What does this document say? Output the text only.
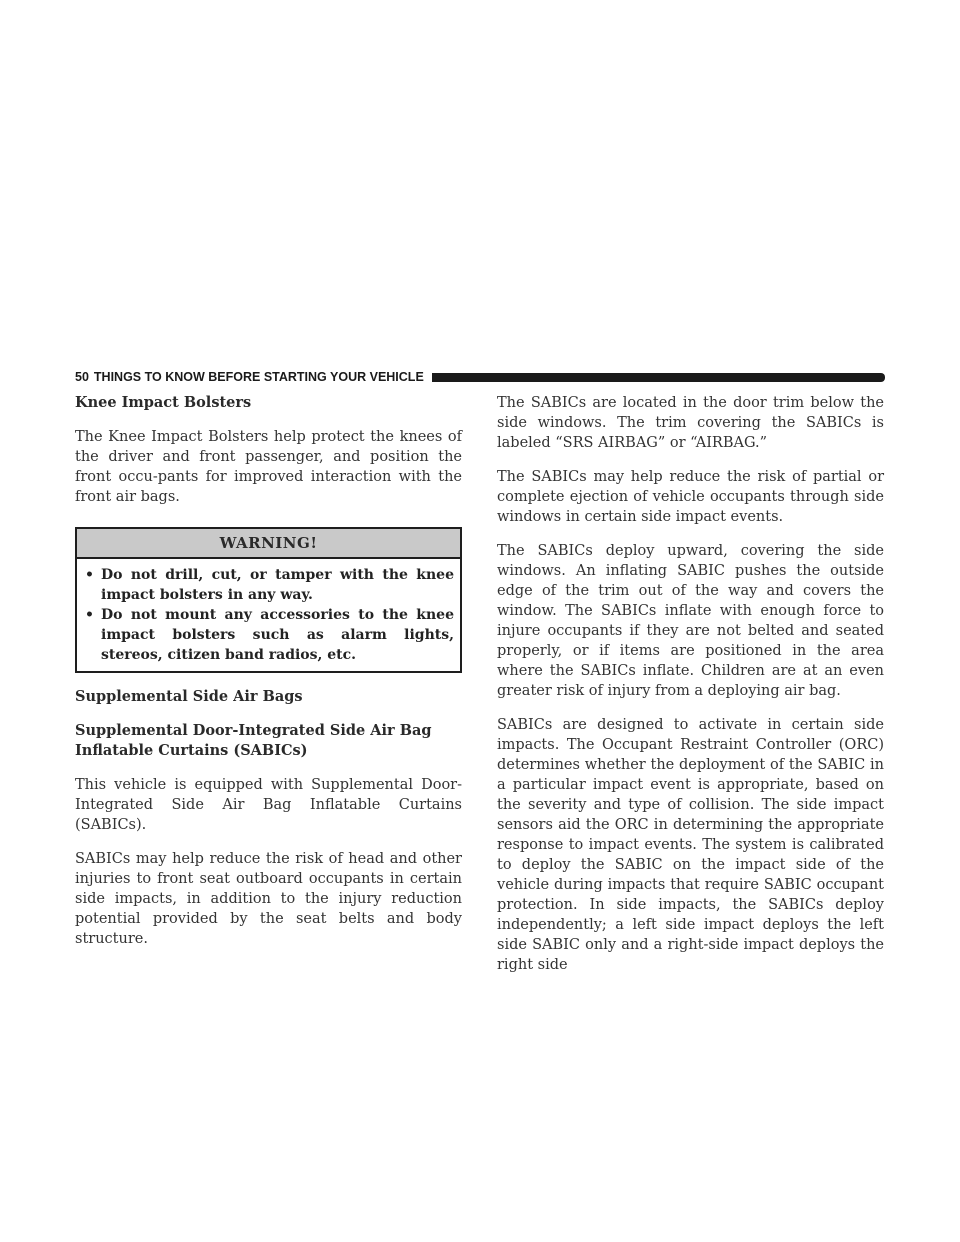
50 THINGS TO KNOW BEFORE STARTING YOUR VEHICLE
Knee Impact Bolsters

The Knee Impact Bolsters help protect the knees of the driver and front passenger, and position the front occu-pants for improved interaction with the front air bags.

WARNING!
• Do not drill, cut, or tamper with the knee impact bolsters in any way.
• Do not mount any accessories to the knee impact bolsters such as alarm lights, stereos, citizen band radios, etc.
Supplemental Side Air Bags
Supplemental Door-Integrated Side Air Bag Inflatable Curtains (SABICs)

This vehicle is equipped with Supplemental Door-Integrated Side Air Bag Inflatable Curtains (SABICs).

SABICs may help reduce the risk of head and other injuries to front seat outboard occupants in certain side impacts, in addition to the injury reduction potential provided by the seat belts and body structure.

The SABICs are located in the door trim below the side windows. The trim covering the SABICs is labeled “SRS AIRBAG” or “AIRBAG.”

The SABICs may help reduce the risk of partial or complete ejection of vehicle occupants through side windows in certain side impact events.

The SABICs deploy upward, covering the side windows. An inflating SABIC pushes the outside edge of the trim out of the way and covers the window. The SABICs inflate with enough force to injure occupants if they are not belted and seated properly, or if items are positioned in the area where the SABICs inflate. Children are at an even greater risk of injury from a deploying air bag.

SABICs are designed to activate in certain side impacts. The Occupant Restraint Controller (ORC) determines whether the deployment of the SABIC in a particular impact event is appropriate, based on the severity and type of collision. The side impact sensors aid the ORC in determining the appropriate response to impact events. The system is calibrated to deploy the SABIC on the impact side of the vehicle during impacts that require SABIC occupant protection. In side impacts, the SABICs deploy independently; a left side impact deploys the left side SABIC only and a right-side impact deploys the right side
